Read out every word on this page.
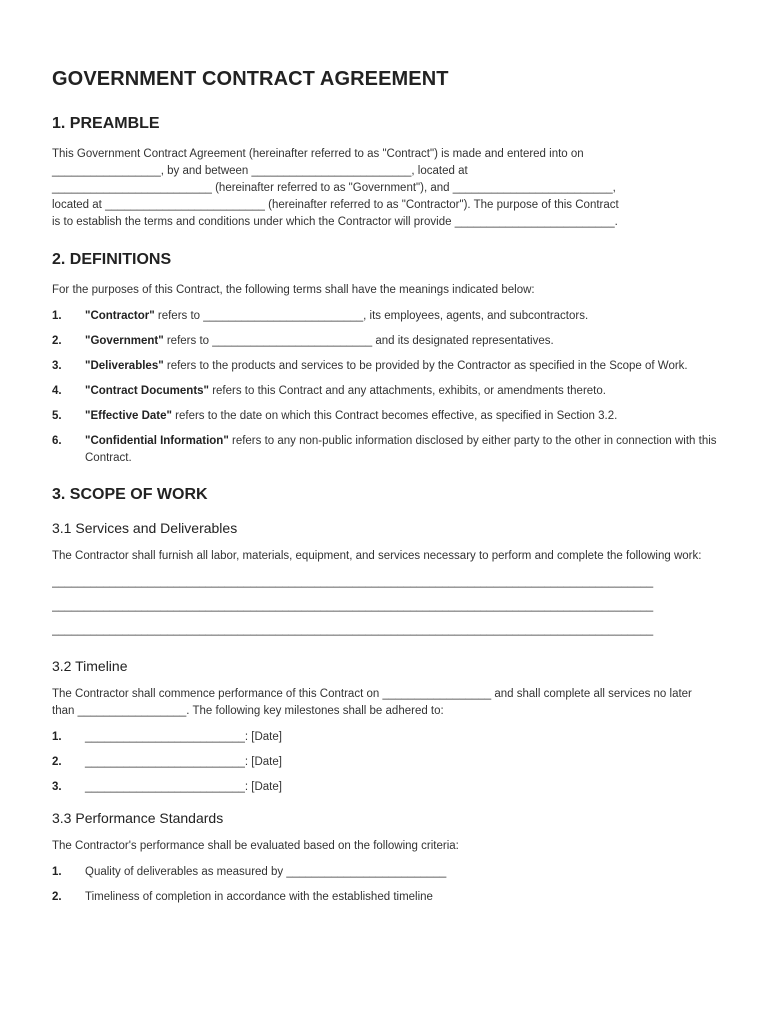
GOVERNMENT CONTRACT AGREEMENT
1. PREAMBLE

This Government Contract Agreement (hereinafter referred to as "Contract") is made and entered into on
_________________, by and between _________________________, located at
_________________________ (hereinafter referred to as "Government"), and _________________________,
located at _________________________ (hereinafter referred to as "Contractor"). The purpose of this Contract
is to establish the terms and conditions under which the Contractor will provide _________________________.

2. DEFINITIONS

For the purposes of this Contract, the following terms shall have the meanings indicated below:

1.	"Contractor" refers to _________________________, its employees, agents, and subcontractors.
2.	"Government" refers to _________________________ and its designated representatives.
3.	"Deliverables" refers to the products and services to be provided by the Contractor as specified in the Scope of Work.
4.	"Contract Documents" refers to this Contract and any attachments, exhibits, or amendments thereto.
5.	"Effective Date" refers to the date on which this Contract becomes effective, as specified in Section 3.2.
6.	"Confidential Information" refers to any non-public information disclosed by either party to the other in connection with this Contract.
3. SCOPE OF WORK
3.1 Services and Deliverables

The Contractor shall furnish all labor, materials, equipment, and services necessary to perform and complete the following work:

______________________________________________________________________________________________
______________________________________________________________________________________________
______________________________________________________________________________________________
3.2 Timeline

The Contractor shall commence performance of this Contract on _________________ and shall complete all services no later than _________________. The following key milestones shall be adhered to:

1.	_________________________: [Date]
2.	_________________________: [Date]
3.	_________________________: [Date]
3.3 Performance Standards

The Contractor's performance shall be evaluated based on the following criteria:

1.	Quality of deliverables as measured by _________________________
2.	Timeliness of completion in accordance with the established timeline
